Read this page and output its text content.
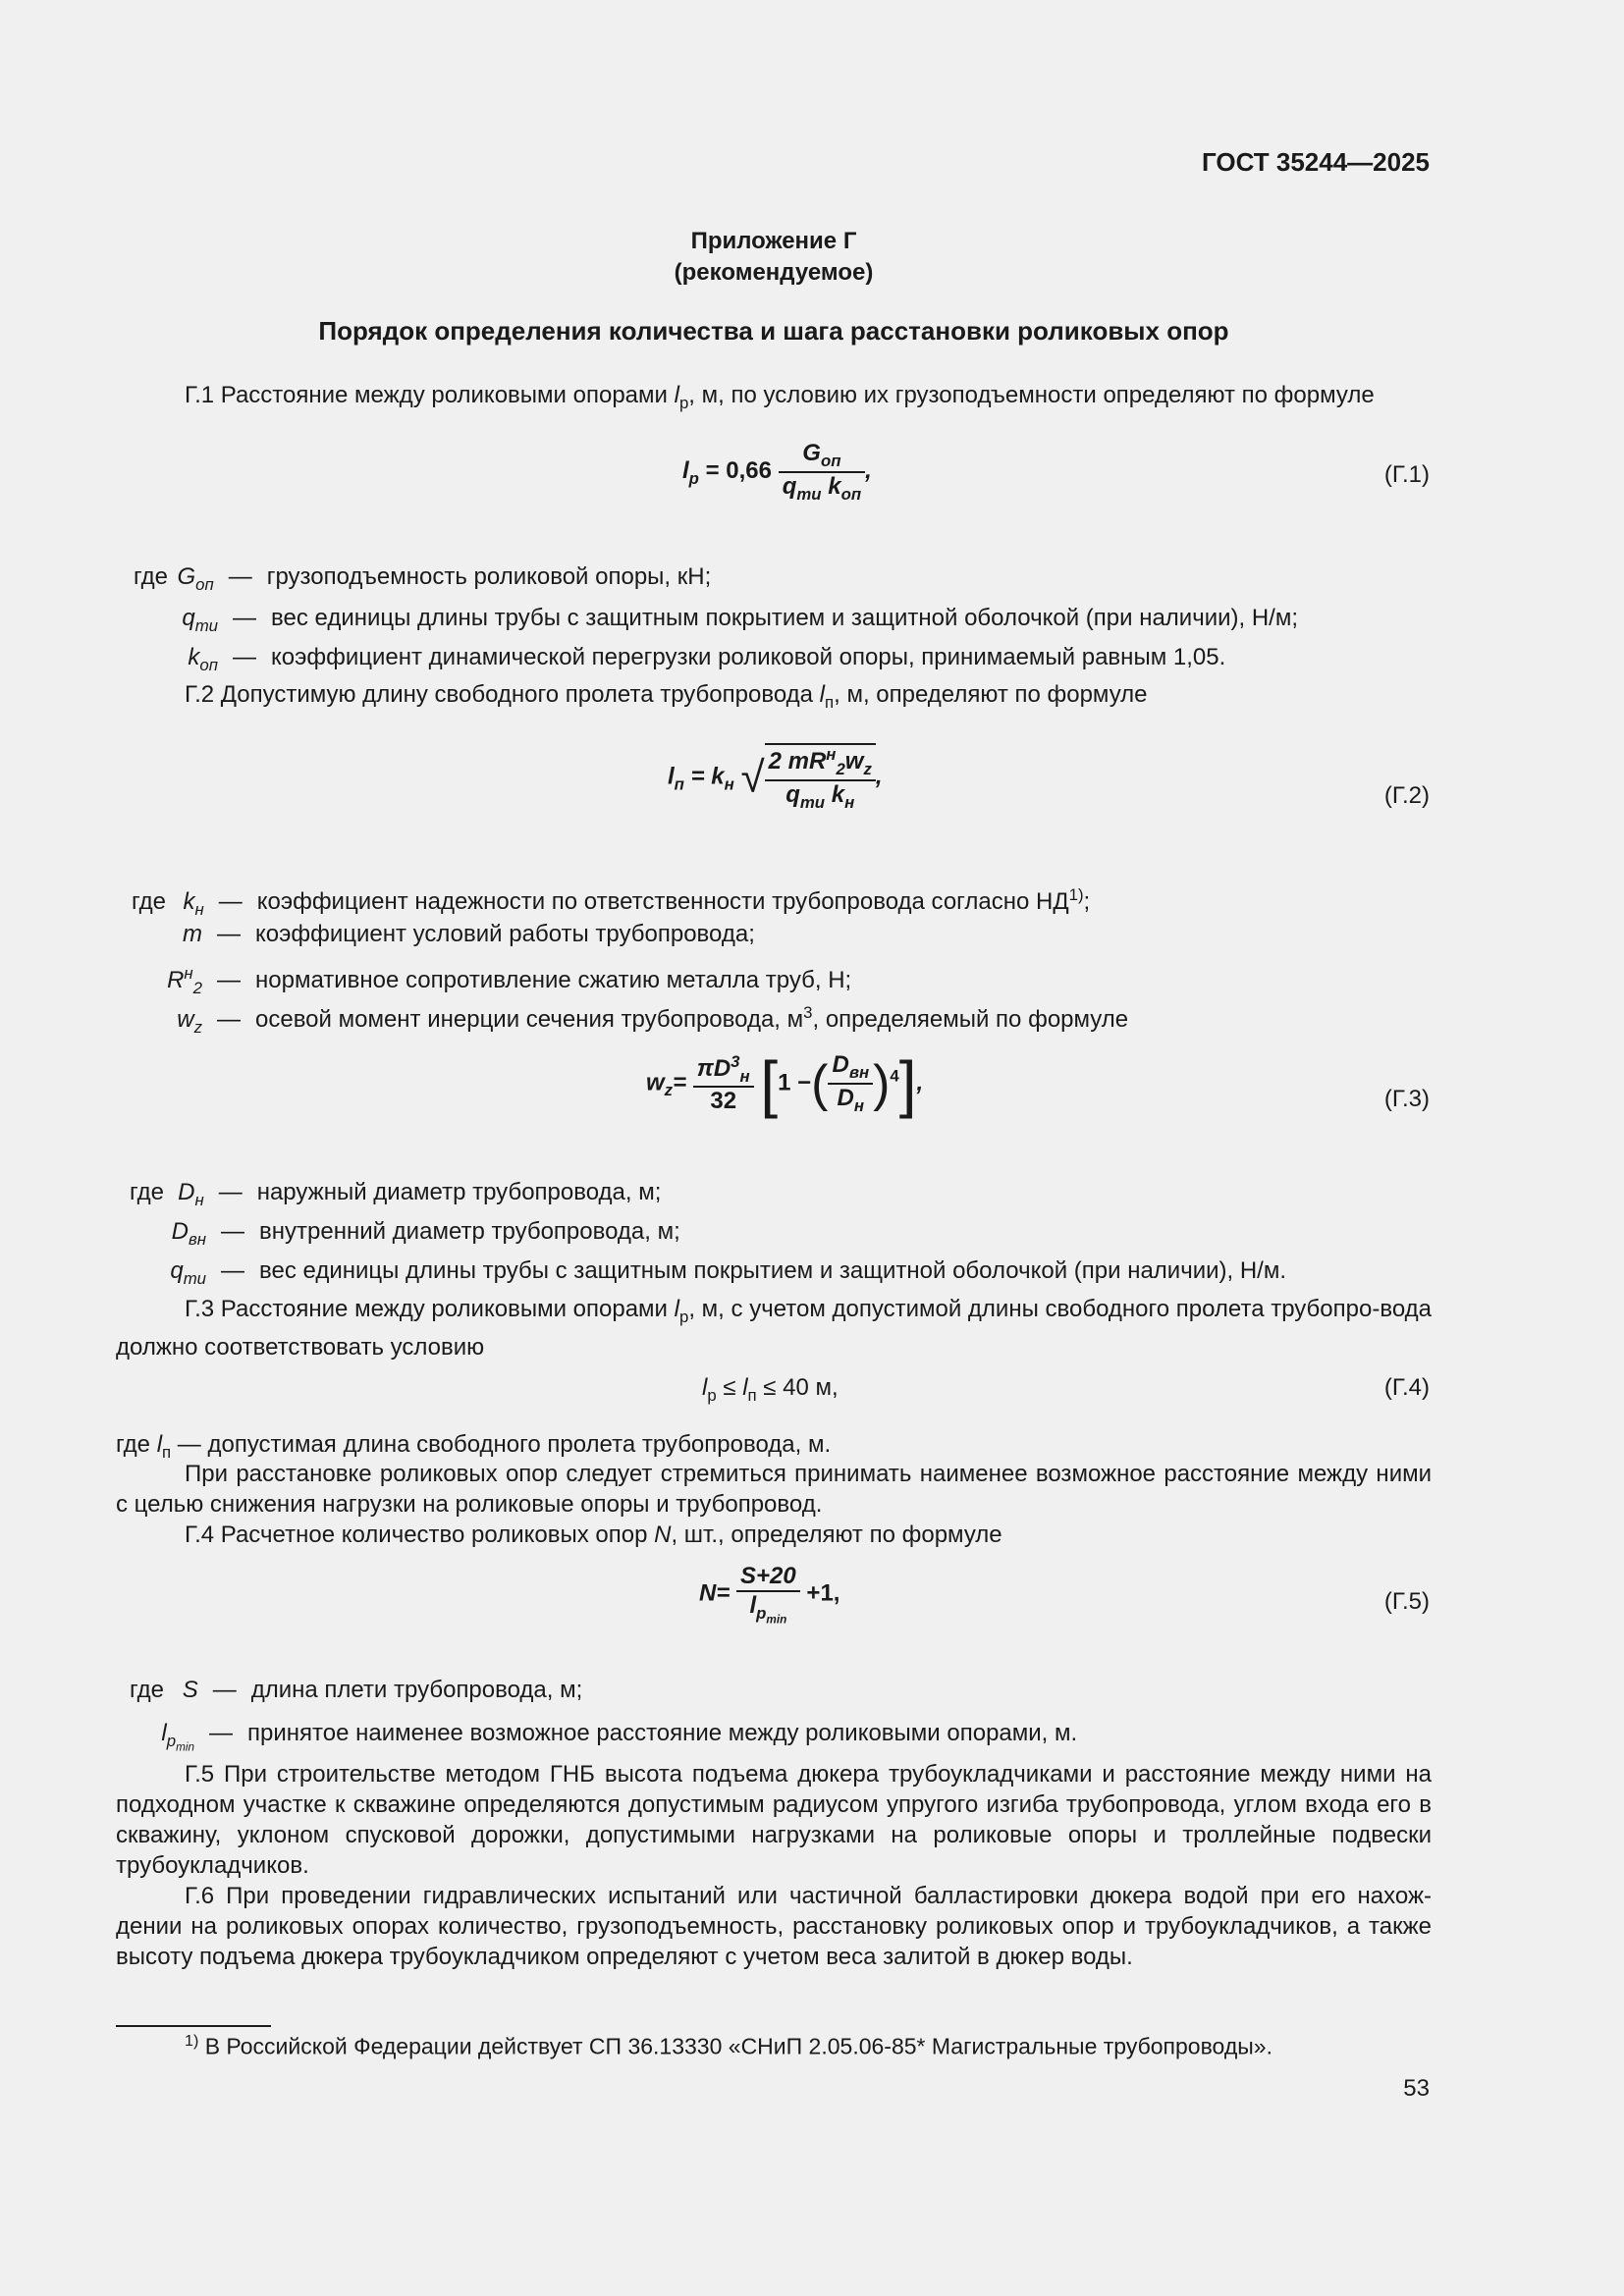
ГОСТ 35244—2025
Приложение Г
(рекомендуемое)
Порядок определения количества и шага расстановки роликовых опор
Г.1 Расстояние между роликовыми опорами $l_р$, м, по условию их грузоподъемности определяют по формуле
$l_р = 0,66 \frac{G_{оп}}{q_{ти} k_{оп}}$ ,	(Г.1)
где $G_{оп}$ — грузоподъемность роликовой опоры, кН;
$q_{ти}$ — вес единицы длины трубы с защитным покрытием и защитной оболочкой (при наличии), Н/м;
$k_{оп}$ — коэффициент динамической перегрузки роликовой опоры, принимаемый равным 1,05.
Г.2 Допустимую длину свободного пролета трубопровода $l_п$, м, определяют по формуле
$l_п = k_н$ √ $\frac{2 mR^н_2w_z}{q_{ти} k_н}$ ,
(Г.2)
где $k_н$ — коэффициент надежности по ответственности трубопровода согласно НД$^{1)}$;
m — коэффициент условий работы трубопровода;
$R^н_2$ — нормативное сопротивление сжатию металла труб, Н;
$w_z$ — осевой момент инерции сечения трубопровода, $м^3$, определяемый по формуле
$w_z= \frac{\pi D^3_н}{32} [1$ −( $\frac{D_{вн}}{D_н} )^4$],
(Г.3)
где $D_н$ — наружный диаметр трубопровода, м;
$D_{вн}$ — внутренний диаметр трубопровода, м;
$q_{ти}$ — вес единицы длины трубы с защитным покрытием и защитной оболочкой (при наличии), Н/м.
Г.3 Расстояние между роликовыми опорами $l_р$, м, с учетом допустимой длины свободного пролета трубопро-вода должно соответствовать условию
$l_р \le l_п \le 40$ м,	(Г.4)
где $l_п$ — допустимая длина свободного пролета трубопровода, м.
При расстановке роликовых опор следует стремиться принимать наименее возможное расстояние между ними с целью снижения нагрузки на роликовые опоры и трубопровод.
Г.4 Расчетное количество роликовых опор N, шт., определяют по формуле
$N= \frac{S+20}{l_{p_{min}}} +1$,	(Г.5)
где S — длина плети трубопровода, м;
$l_{p_{min}}—$ принятое наименее возможное расстояние между роликовыми опорами, м.
Г.5 При строительстве методом ГНБ высота подъема дюкера трубоукладчиками и расстояние между ними на подходном участке к скважине определяются допустимым радиусом упругого изгиба трубопровода, углом входа его в скважину, уклоном спусковой дорожки, допустимыми нагрузками на роликовые опоры и троллейные подвески трубоукладчиков.
Г.6 При проведении гидравлических испытаний или частичной балластировки дюкера водой при его нахож-дении на роликовых опорах количество, грузоподъемность, расстановку роликовых опор и трубоукладчиков, а также высоту подъема дюкера трубоукладчиком определяют с учетом веса залитой в дюкер воды.
$^{1)}$ В Российской Федерации действует СП 36.13330 «СНиП 2.05.06-85* Магистральные трубопроводы».
53
